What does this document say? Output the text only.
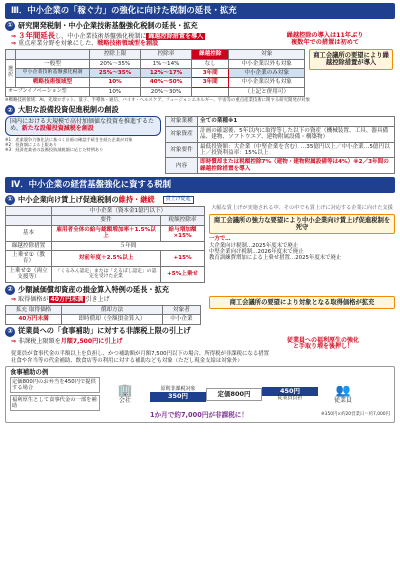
Ⅲ．中小企業の「稼ぐ力」の強化に向けた税制の延長・拡充
① 研究開発税制・中小企業技術基盤強化税制の延長・拡充
⇒ ３年間延長し、中小企業技術基盤強化税制に 繰越控除措置を導入
⇒ 重点産業分野を対象にした、戦略技術領域型を創設
繰越控除の導入は11年ぶり
複数年での措置は初めて
		控除上限	控除率	繰越控除	対象
選択	一般型	20%〜35%	1%〜14%	なし	中小企業以外も対象
	中小企業技術基盤強化税制	25%〜35%	12%〜17%	3年間	中小企業のみ対象
	戦略技術領域型	10%	40%〜50%	3年間	中小企業以外も対象
オープンイノベーション型		10%	20%〜30%		（上記と併用可）
商工会議所の要望により繰越控除措置が導入
※戦略技術領域：AI、先端ロボット、量子、半導体・通信、バイオ・ヘルスケア、フュージョンエネルギー、宇宙等の重点産業技術に関する研究開発が対象
② 大胆な設備投資促進税制の創設
国内における大規模で高付加価値な投資を推進するため、新たな設備投資減税を創設
※1：産業競争力強化法に基づく計画の確認手続きを経た企業が対象
※2：投資額による上限あり
※3：経済産業省の設備投資減税額に応じた特例あり
対象業種	全ての業種※1
対象資産	計画の確認後、5年以内に取得等した以下の資産（機械装置、工具、器具備品、建物、ソフトウエア、建物附属設備・構築物）
対象要件	最低投資額：大企業（中堅企業を含む）…35億円以上／中小企業…5億円以上／投資利益率：15%以上
内容	即時償却または税額控除7%（建物・建物附属設備等は4%）※2／3年間の繰越控除措置を導入
Ⅳ．中小企業の経営基盤強化に資する税制
① 中小企業向け賃上げ促進税制の維持・継続	賃上げ促進
	中小企業（資本金1億円以下）	
	要件	税額控除率
基本	雇用者全体の給与総額増加率＋1.5%以上	給与増加額×15%
繰越控除措置	５年間	
上乗せ①（教育）	対前年度＋2.5%以上	+15%
上乗せ②（両立支援等）	「くるみん認定」または「えるぼし認定」の認定を受けた企業	+5%上乗せ
大幅な賃上げが実施される中、その中でも賃上げに対応する企業に向けた支援
商工会議所の強力な要望により中小企業向け賃上げ促進税制を死守
一方で…
大企業向け税制…2025年度末で廃止
中堅企業向け税制…2026年度末で廃止
教育訓練費増加による上乗せ措置…2025年度末で廃止
② 少額減価償却資産の損金算入特例の延長・拡充
⇒ 取得価格が 40万円未満 引き上げ
拡充 取得価格	償却方法	対象者
40万円未満	即時償却（全額損金算入）	中小企業
商工会議所の要望により対象となる取得価格が拡充
③ 従業員への「食事補助」に対する非課税上限の引上げ
⇒ 非課税上限額を月額7,500円に引上げ	従業員への福利厚生の強化
と手取り増を後押し！
従業員が食事代金の半額以上を負担し、かつ補助額が月額7,500円以下の場合、所得税が非課税になる措置
社食や弁当等の代金補助、飲食店等の利用に対する補助なども対象（ただし現金支給は対象外）
食事補助の例
定価800円のお弁当を450円で提供する場合
福利厚生として食事代金の一部を補助
🏢
会社
原則非課税対象
350円	定価800円	450円
従業員負担
👥
従業員
1か月で約7,000円が非課税に！	※350円×約20営業日＝約7,000円
